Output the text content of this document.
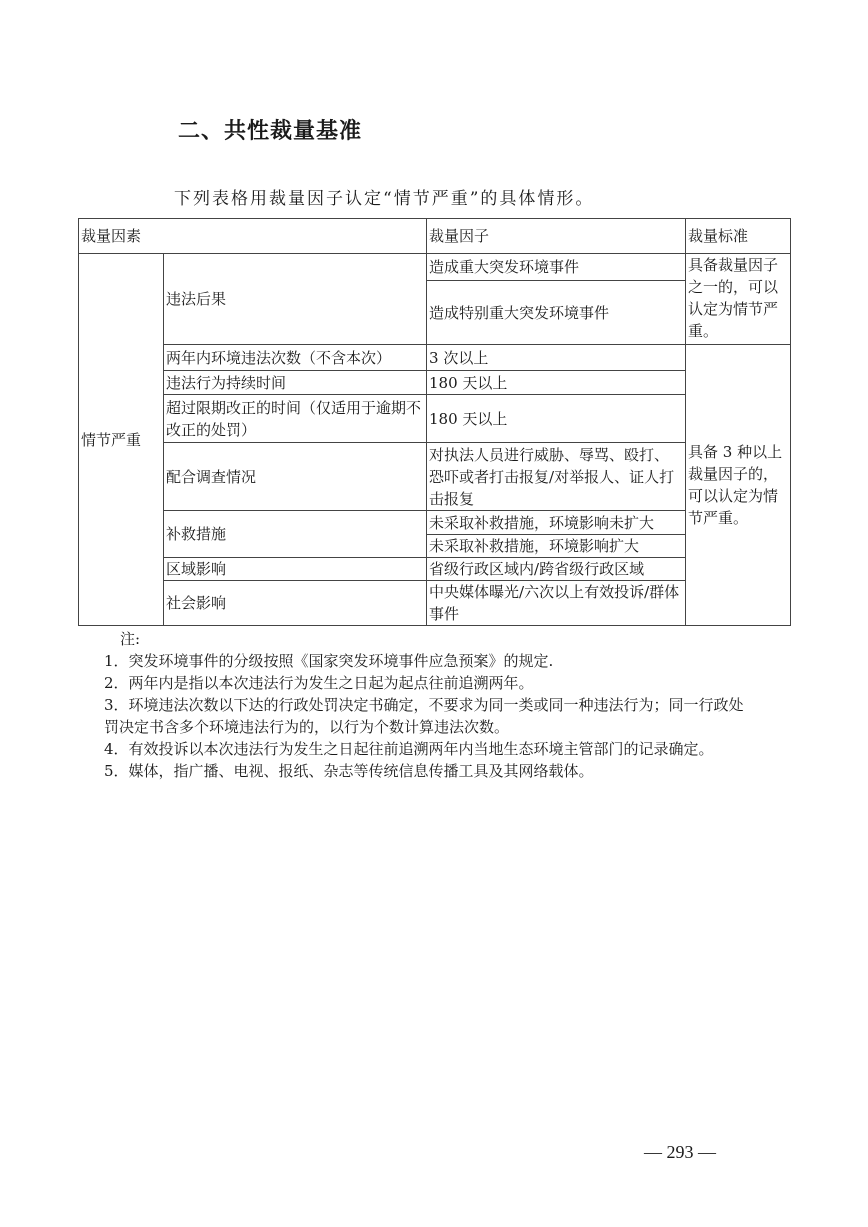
二、共性裁量基准
下列表格用裁量因子认定“情节严重”的具体情形。
裁量因素		裁量因子	裁量标准
情节严重	违法后果	造成重大突发环境事件	具备裁量因子之一的，可以认定为情节严重。
		造成特别重大突发环境事件	
	两年内环境违法次数（不含本次）	3 次以上	具备 3 种以上裁量因子的，可以认定为情节严重。
	违法行为持续时间	180 天以上	
	超过限期改正的时间（仅适用于逾期不改正的处罚）	180 天以上	
	配合调查情况	对执法人员进行威胁、辱骂、殴打、恐吓或者打击报复/对举报人、证人打击报复	
	补救措施	未采取补救措施，环境影响未扩大	
		未采取补救措施，环境影响扩大	
	区域影响	省级行政区域内/跨省级行政区域	
	社会影响	中央媒体曝光/六次以上有效投诉/群体事件	

注:

1．突发环境事件的分级按照《国家突发环境事件应急预案》的规定.

2．两年内是指以本次违法行为发生之日起为起点往前追溯两年。

3．环境违法次数以下达的行政处罚决定书确定，不要求为同一类或同一种违法行为；同一行政处罚决定书含多个环境违法行为的，以行为个数计算违法次数。

4．有效投诉以本次违法行为发生之日起往前追溯两年内当地生态环境主管部门的记录确定。

5．媒体，指广播、电视、报纸、杂志等传统信息传播工具及其网络载体。

— 293 —
